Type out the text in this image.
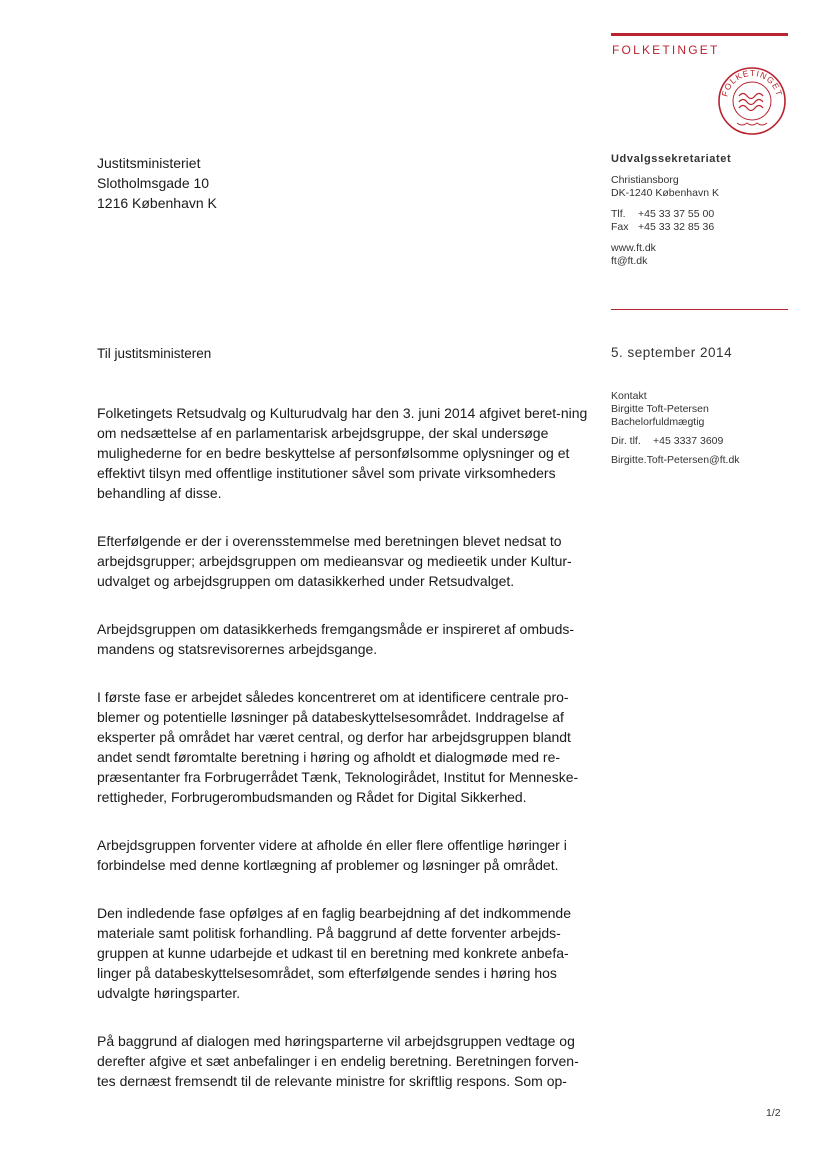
FOLKETINGET
FOLKETINGET
Justitsministeriet
Slotholmsgade 10
1216 København K
Udvalgssekretariatet
Christiansborg
DK-1240 København K
Tlf. +45 33 37 55 00
Fax +45 33 32 85 36
www.ft.dk
ft@ft.dk
Til justitsministeren	5. september 2014
Kontakt
Birgitte Toft-Petersen
Bachelorfuldmægtig
Dir. tlf. +45 3337 3609
Birgitte.Toft-Petersen@ft.dk

Folketingets Retsudvalg og Kulturudvalg har den 3. juni 2014 afgivet beret-ning om nedsættelse af en parlamentarisk arbejdsgruppe, der skal undersøge mulighederne for en bedre beskyttelse af personfølsomme oplysninger og et effektivt tilsyn med offentlige institutioner såvel som private virksomheders behandling af disse.

Efterfølgende er der i overensstemmelse med beretningen blevet nedsat to arbejdsgrupper; arbejdsgruppen om medieansvar og medieetik under Kultur-udvalget og arbejdsgruppen om datasikkerhed under Retsudvalget.

Arbejdsgruppen om datasikkerheds fremgangsmåde er inspireret af ombuds-mandens og statsrevisorernes arbejdsgange.

I første fase er arbejdet således koncentreret om at identificere centrale pro-blemer og potentielle løsninger på databeskyttelsesområdet. Inddragelse af eksperter på området har været central, og derfor har arbejdsgruppen blandt andet sendt føromtalte beretning i høring og afholdt et dialogmøde med re-præsentanter fra Forbrugerrådet Tænk, Teknologirådet, Institut for Menneske-rettigheder, Forbrugerombudsmanden og Rådet for Digital Sikkerhed.

Arbejdsgruppen forventer videre at afholde én eller flere offentlige høringer i forbindelse med denne kortlægning af problemer og løsninger på området.

Den indledende fase opfølges af en faglig bearbejdning af det indkommende materiale samt politisk forhandling. På baggrund af dette forventer arbejds-gruppen at kunne udarbejde et udkast til en beretning med konkrete anbefa-linger på databeskyttelsesområdet, som efterfølgende sendes i høring hos udvalgte høringsparter.

På baggrund af dialogen med høringsparterne vil arbejdsgruppen vedtage og derefter afgive et sæt anbefalinger i en endelig beretning. Beretningen forven-tes dernæst fremsendt til de relevante ministre for skriftlig respons. Som op-

1/2
